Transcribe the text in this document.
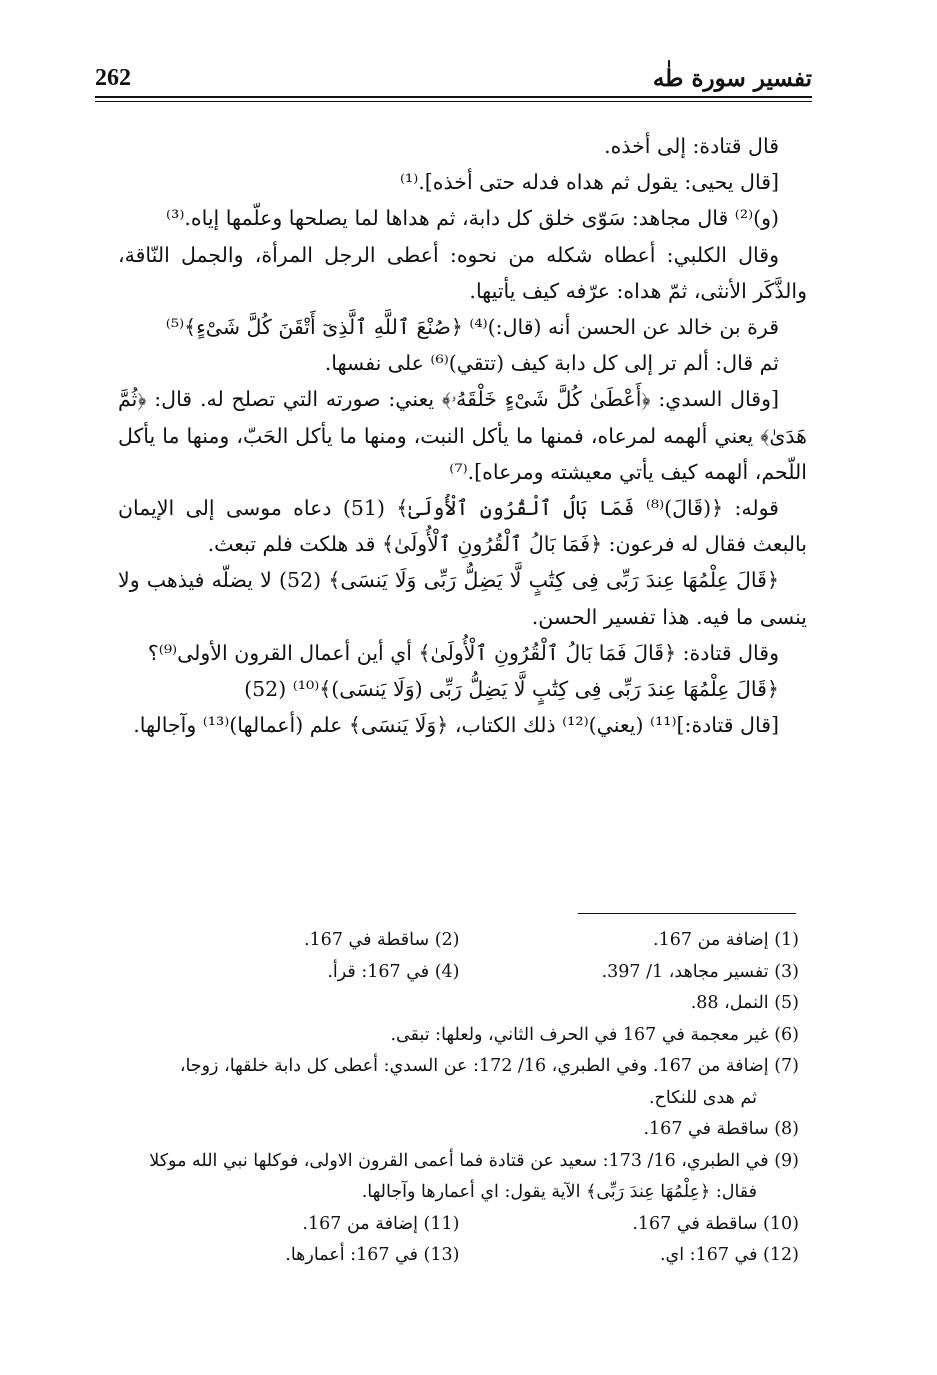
262	تفسير سورة طٰه

قال قتادة: إلى أخذه.

[قال يحيى: يقول ثم هداه فدله حتى أخذه].⁽¹⁾

(و)⁽²⁾ قال مجاهد: سَوّى خلق كل دابة، ثم هداها لما يصلحها وعلّمها إياه.⁽³⁾

وقال الكلبي: أعطاه شكله من نحوه: أعطى الرجل المرأة، والجمل النّاقة، والذَّكَر الأنثى، ثمّ هداه: عرّفه كيف يأتيها.

قرة بن خالد عن الحسن أنه (قال:)⁽⁴⁾ ﴿صُنْعَ ٱللَّهِ ٱلَّذِىٓ أَتْقَنَ كُلَّ شَىْءٍ﴾⁽⁵⁾

ثم قال: ألم تر إلى كل دابة كيف (تتقي)⁽⁶⁾ على نفسها.

[وقال السدي: ﴿أَعْطَىٰ كُلَّ شَىْءٍ خَلْقَهُۥ﴾ يعني: صورته التي تصلح له. قال: ﴿ثُمَّ هَدَىٰ﴾ يعني ألهمه لمرعاه، فمنها ما يأكل النبت، ومنها ما يأكل الحَبّ، ومنها ما يأكل اللّحم، ألهمه كيف يأتي معيشته ومرعاه].⁽⁷⁾

قوله: ﴿(قَالَ)⁽⁸⁾ فَمَا بَالُ ٱلْقُرُونِ ٱلْأُولَىٰ﴾ (51) دعاه موسى إلى الإيمان بالبعث فقال له فرعون: ﴿فَمَا بَالُ ٱلْقُرُونِ ٱلْأُولَىٰ﴾ قد هلكت فلم تبعث.

﴿قَالَ عِلْمُهَا عِندَ رَبِّى فِى كِتَٰبٍ لَّا يَضِلُّ رَبِّى وَلَا يَنسَى﴾ (52) لا يضلّه فيذهب ولا ينسى ما فيه. هذا تفسير الحسن.

وقال قتادة: ﴿قَالَ فَمَا بَالُ ٱلْقُرُونِ ٱلْأُولَىٰ﴾ أي أين أعمال القرون الأولى⁽⁹⁾؟

﴿قَالَ عِلْمُهَا عِندَ رَبِّى فِى كِتَٰبٍ لَّا يَضِلُّ رَبِّى (وَلَا يَنسَى)﴾⁽¹⁰⁾ (52)

[قال قتادة:]⁽¹¹⁾ (يعني)⁽¹²⁾ ذلك الكتاب، ﴿وَلَا يَنسَى﴾ علم (أعمالها)⁽¹³⁾ وآجالها.

(1) إضافة من 167.
(2) ساقطة في 167.
(3) تفسير مجاهد، 1/ 397.
(4) في 167: قرأ.
(5) النمل، 88.
(6) غير معجمة في 167 في الحرف الثاني، ولعلها: تبقى.
(7) إضافة من 167. وفي الطبري، 16/ 172: عن السدي: أعطى كل دابة خلقها، زوجا،
ثم هدى للنكاح.
(8) ساقطة في 167.
(9) في الطبري، 16/ 173: سعيد عن قتادة فما أعمى القرون الاولى، فوكلها نبي الله موكلا
فقال: ﴿عِلْمُهَا عِندَ رَبِّى﴾ الآية يقول: اي أعمارها وآجالها.
(10) ساقطة في 167.
(11) إضافة من 167.
(12) في 167: اي.
(13) في 167: أعمارها.
